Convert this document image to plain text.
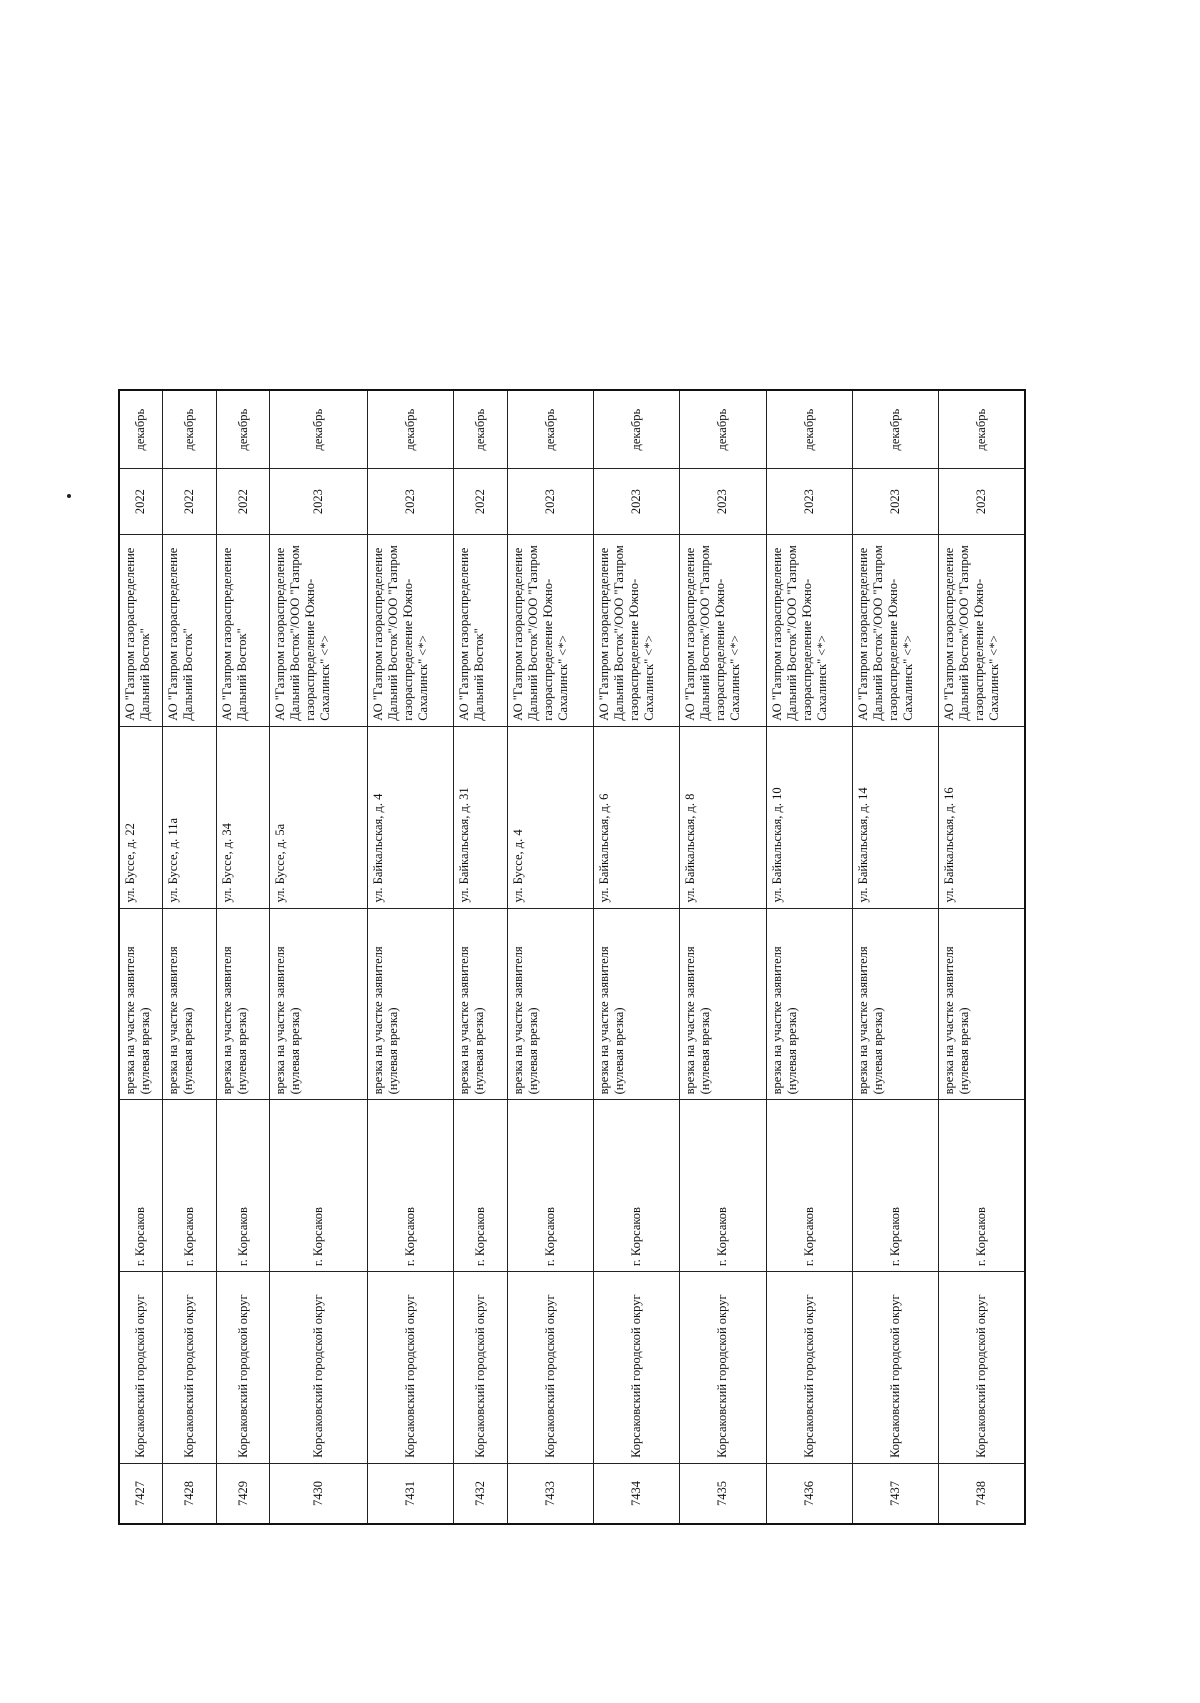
7427	Корсаковский городской округ	г. Корсаков	врезка на участке заявителя (нулевая врезка)	ул. Буссе, д. 22	АО "Газпром газораспределение Дальний Восток"	2022	декабрь
7428	Корсаковский городской округ	г. Корсаков	врезка на участке заявителя (нулевая врезка)	ул. Буссе, д. 11а	АО "Газпром газораспределение Дальний Восток"	2022	декабрь
7429	Корсаковский городской округ	г. Корсаков	врезка на участке заявителя (нулевая врезка)	ул. Буссе, д. 34	АО "Газпром газораспределение Дальний Восток"	2022	декабрь
7430	Корсаковский городской округ	г. Корсаков	врезка на участке заявителя (нулевая врезка)	ул. Буссе, д. 5а	АО "Газпром газораспределение Дальний Восток"/ООО "Газпром газораспределение Южно-Сахалинск" <*>	2023	декабрь
7431	Корсаковский городской округ	г. Корсаков	врезка на участке заявителя (нулевая врезка)	ул. Байкальская, д. 4	АО "Газпром газораспределение Дальний Восток"/ООО "Газпром газораспределение Южно-Сахалинск" <*>	2023	декабрь
7432	Корсаковский городской округ	г. Корсаков	врезка на участке заявителя (нулевая врезка)	ул. Байкальская, д. 31	АО "Газпром газораспределение Дальний Восток"	2022	декабрь
7433	Корсаковский городской округ	г. Корсаков	врезка на участке заявителя (нулевая врезка)	ул. Буссе, д. 4	АО "Газпром газораспределение Дальний Восток"/ООО "Газпром газораспределение Южно-Сахалинск" <*>	2023	декабрь
7434	Корсаковский городской округ	г. Корсаков	врезка на участке заявителя (нулевая врезка)	ул. Байкальская, д. 6	АО "Газпром газораспределение Дальний Восток"/ООО "Газпром газораспределение Южно-Сахалинск" <*>	2023	декабрь
7435	Корсаковский городской округ	г. Корсаков	врезка на участке заявителя (нулевая врезка)	ул. Байкальская, д. 8	АО "Газпром газораспределение Дальний Восток"/ООО "Газпром газораспределение Южно-Сахалинск" <*>	2023	декабрь
7436	Корсаковский городской округ	г. Корсаков	врезка на участке заявителя (нулевая врезка)	ул. Байкальская, д. 10	АО "Газпром газораспределение Дальний Восток"/ООО "Газпром газораспределение Южно-Сахалинск" <*>	2023	декабрь
7437	Корсаковский городской округ	г. Корсаков	врезка на участке заявителя (нулевая врезка)	ул. Байкальская, д. 14	АО "Газпром газораспределение Дальний Восток"/ООО "Газпром газораспределение Южно-Сахалинск" <*>	2023	декабрь
7438	Корсаковский городской округ	г. Корсаков	врезка на участке заявителя (нулевая врезка)	ул. Байкальская, д. 16	АО "Газпром газораспределение Дальний Восток"/ООО "Газпром газораспределение Южно-Сахалинск" <*>	2023	декабрь
